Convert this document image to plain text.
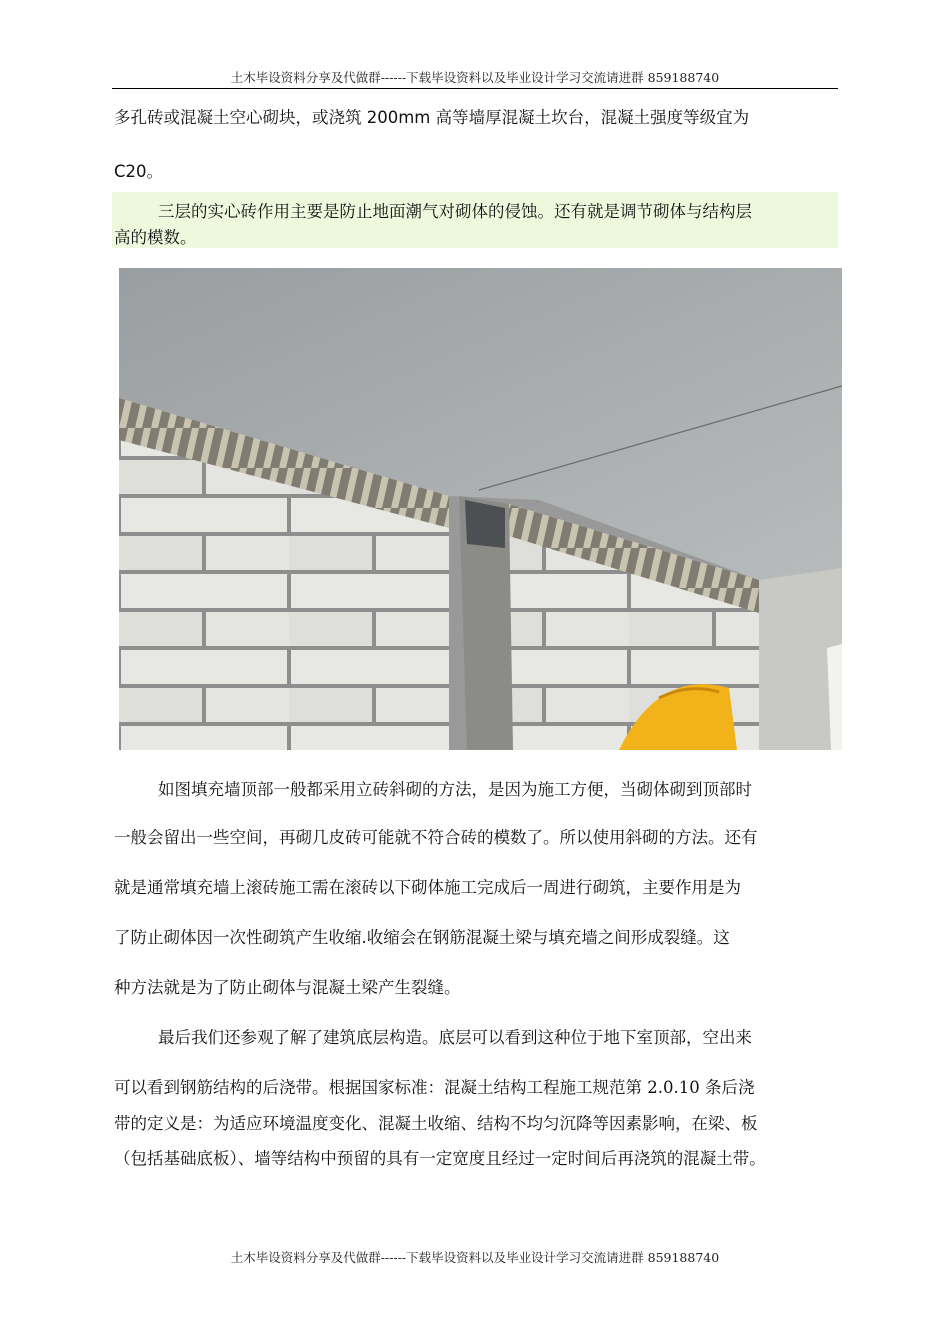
土木毕设资料分享及代做群------下载毕设资料以及毕业设计学习交流请进群 859188740
多孔砖或混凝土空心砌块，或浇筑 200mm 高等墙厚混凝土坎台，混凝土强度等级宜为
C20。
三层的实心砖作用主要是防止地面潮气对砌体的侵蚀。还有就是调节砌体与结构层
高的模数。
如图填充墙顶部一般都采用立砖斜砌的方法，是因为施工方便，当砌体砌到顶部时
一般会留出一些空间，再砌几皮砖可能就不符合砖的模数了。所以使用斜砌的方法。还有
就是通常填充墙上滚砖施工需在滚砖以下砌体施工完成后一周进行砌筑，主要作用是为
了防止砌体因一次性砌筑产生收缩.收缩会在钢筋混凝土梁与填充墙之间形成裂缝。这
种方法就是为了防止砌体与混凝土梁产生裂缝。
最后我们还参观了解了建筑底层构造。底层可以看到这种位于地下室顶部，空出来
可以看到钢筋结构的后浇带。根据国家标准：混凝土结构工程施工规范第 2.0.10 条后浇
带的定义是：为适应环境温度变化、混凝土收缩、结构不均匀沉降等因素影响，在梁、板
（包括基础底板）、墙等结构中预留的具有一定宽度且经过一定时间后再浇筑的混凝土带。
土木毕设资料分享及代做群------下载毕设资料以及毕业设计学习交流请进群 859188740
